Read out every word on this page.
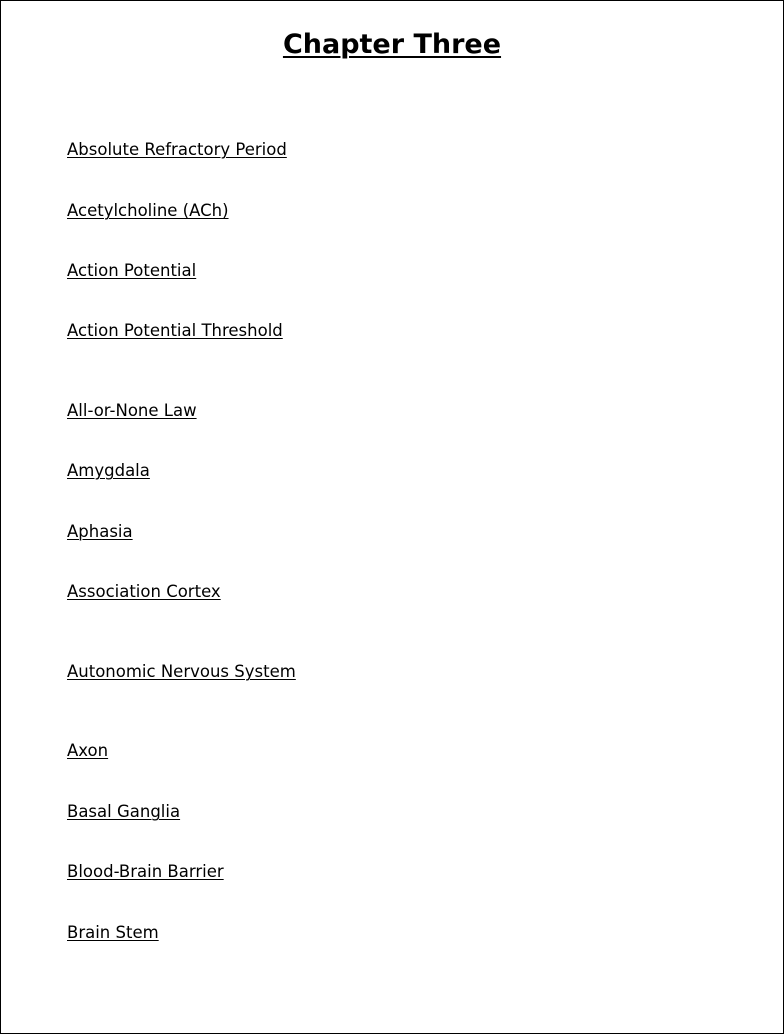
Chapter Three
Absolute Refractory Period
Acetylcholine (ACh)
Action Potential
Action Potential Threshold
All-or-None Law
Amygdala
Aphasia
Association Cortex
Autonomic Nervous System
Axon
Basal Ganglia
Blood-Brain Barrier
Brain Stem
